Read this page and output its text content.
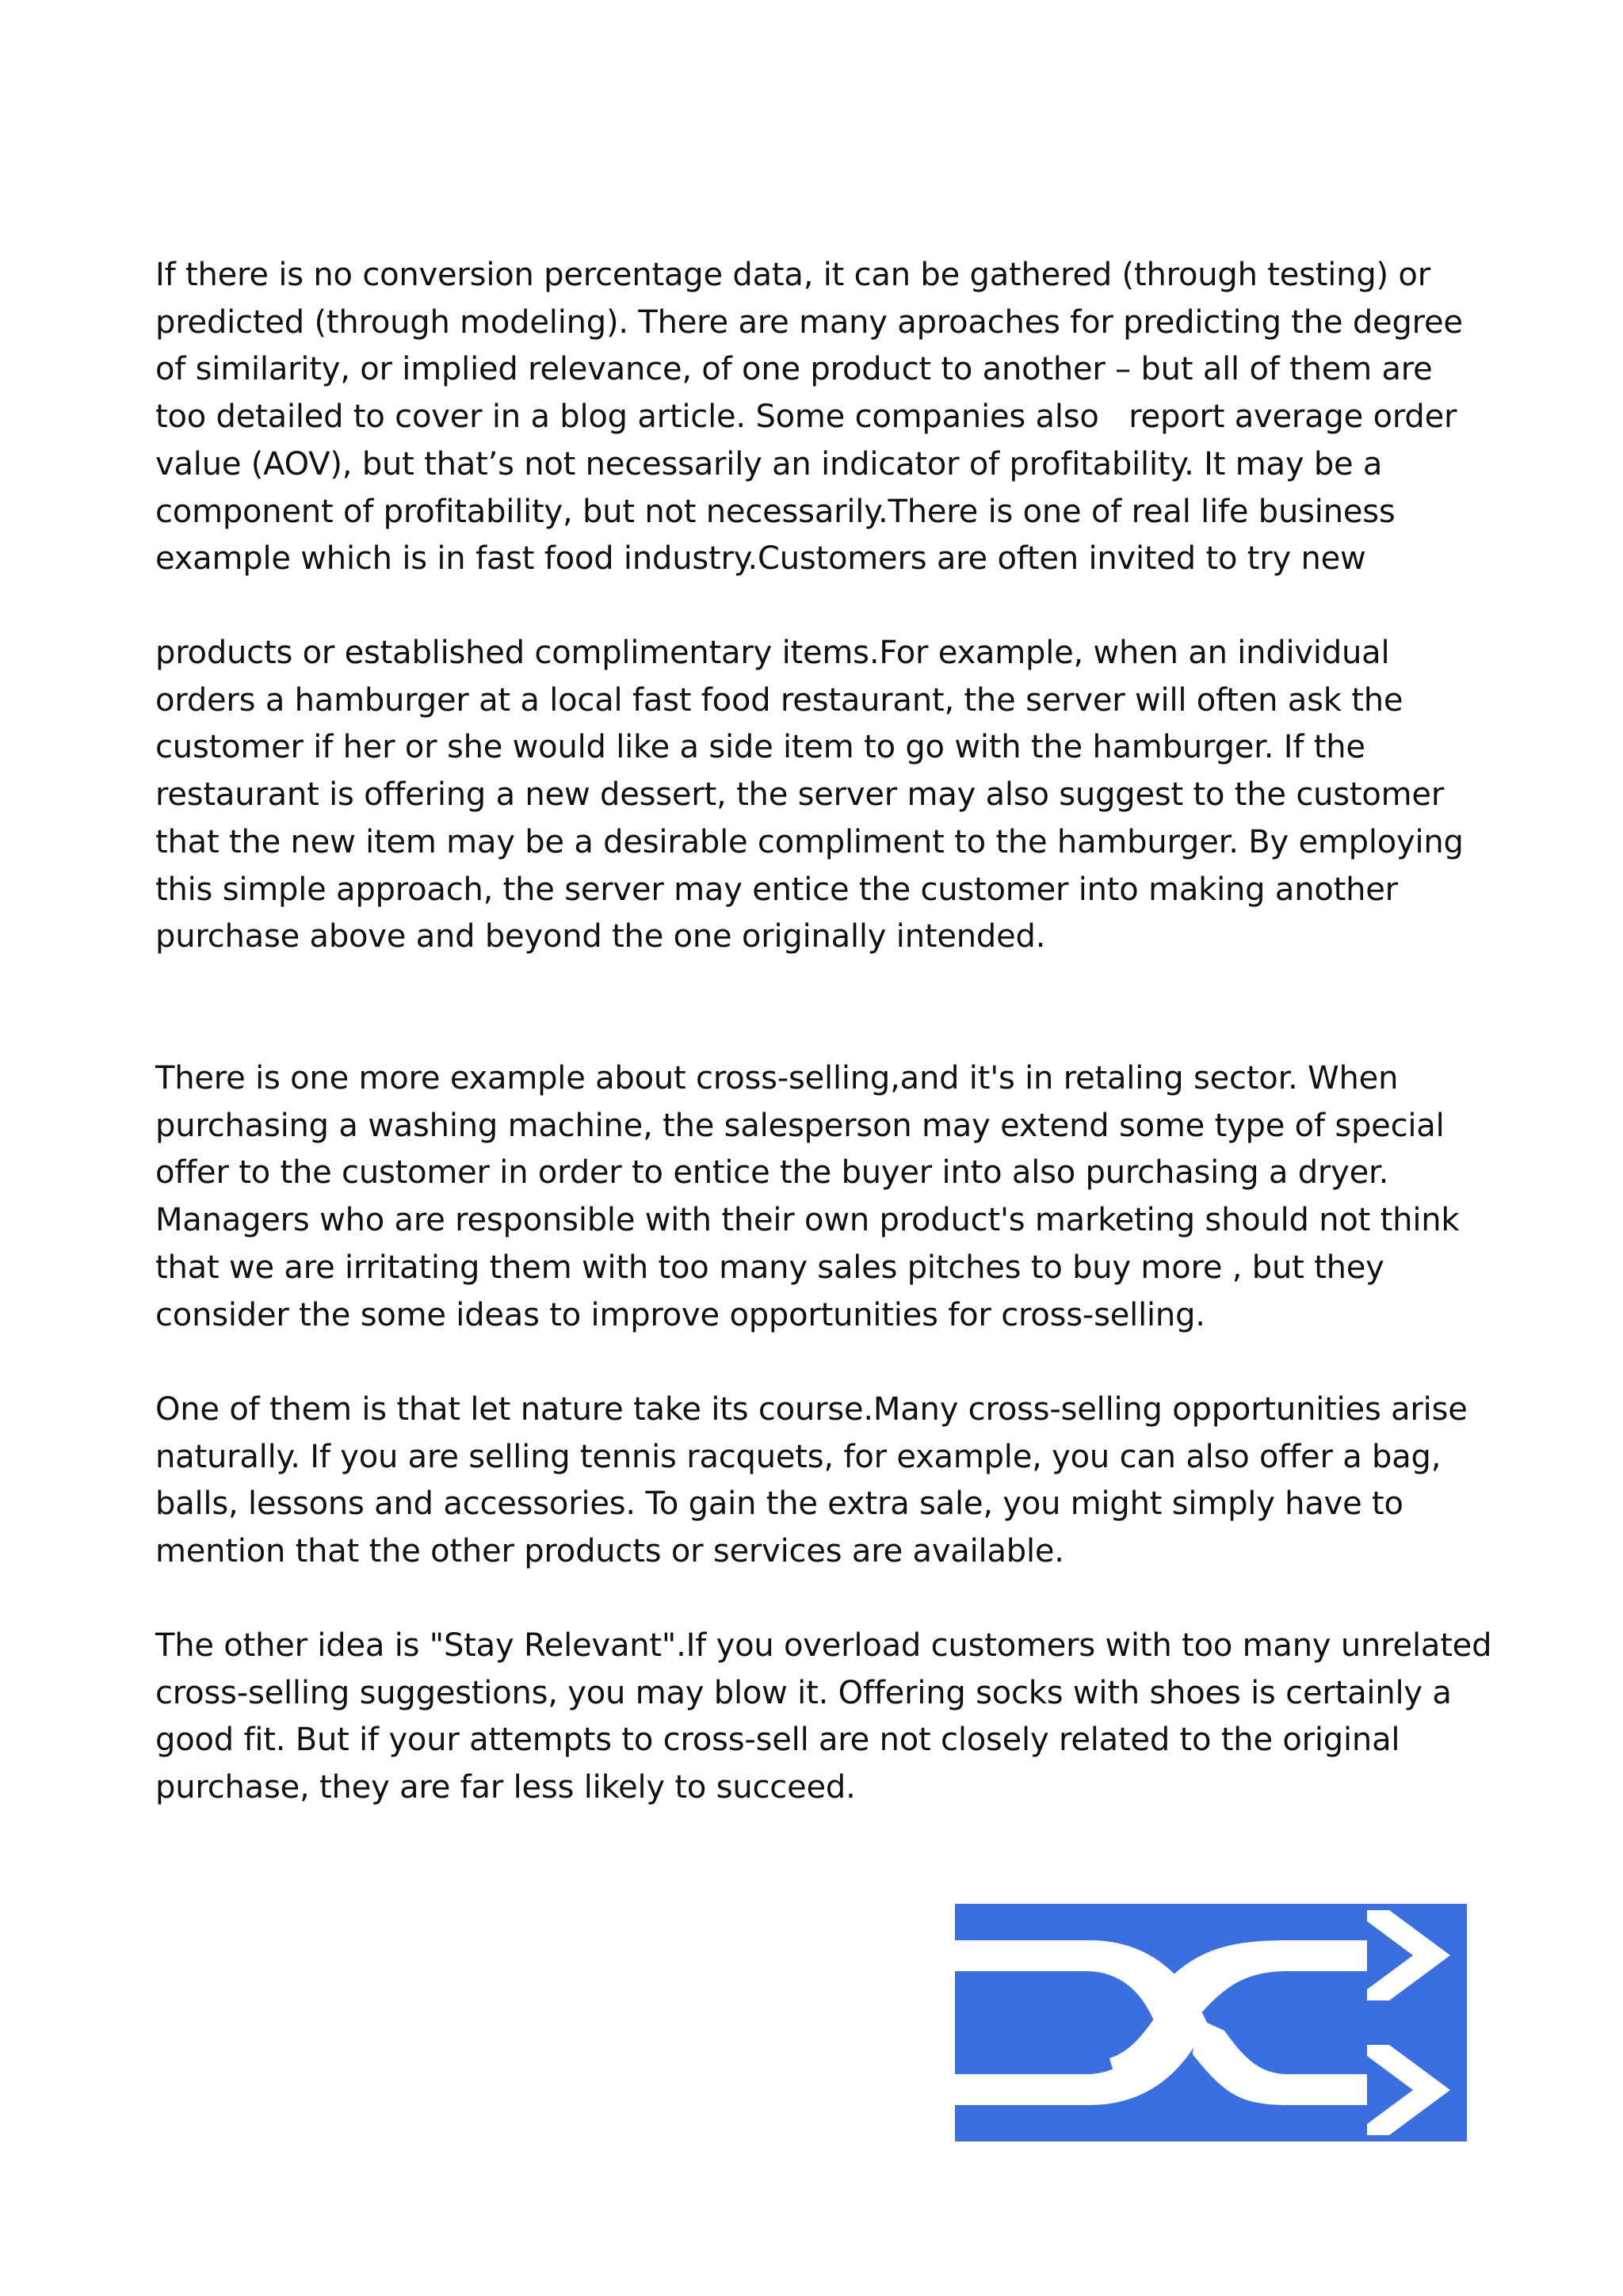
If there is no conversion percentage data, it can be gathered (through testing) or
predicted (through modeling). There are many aproaches for predicting the degree
of similarity, or implied relevance, of one product to another – but all of them are
too detailed to cover in a blog article. Some companies also   report average order
value (AOV), but that’s not necessarily an indicator of profitability. It may be a
component of profitability, but not necessarily.There is one of real life business
example which is in fast food industry.Customers are often invited to try new
products or established complimentary items.For example, when an individual
orders a hamburger at a local fast food restaurant, the server will often ask the
customer if her or she would like a side item to go with the hamburger. If the
restaurant is offering a new dessert, the server may also suggest to the customer
that the new item may be a desirable compliment to the hamburger. By employing
this simple approach, the server may entice the customer into making another
purchase above and beyond the one originally intended.
There is one more example about cross-selling,and it's in retaling sector. When
purchasing a washing machine, the salesperson may extend some type of special
offer to the customer in order to entice the buyer into also purchasing a dryer.
Managers who are responsible with their own product's marketing should not think
that we are irritating them with too many sales pitches to buy more , but they
consider the some ideas to improve opportunities for cross-selling.
One of them is that let nature take its course.Many cross-selling opportunities arise
naturally. If you are selling tennis racquets, for example, you can also offer a bag,
balls, lessons and accessories. To gain the extra sale, you might simply have to
mention that the other products or services are available.
The other idea is "Stay Relevant".If you overload customers with too many unrelated
cross-selling suggestions, you may blow it. Offering socks with shoes is certainly a
good fit. But if your attempts to cross-sell are not closely related to the original
purchase, they are far less likely to succeed.
